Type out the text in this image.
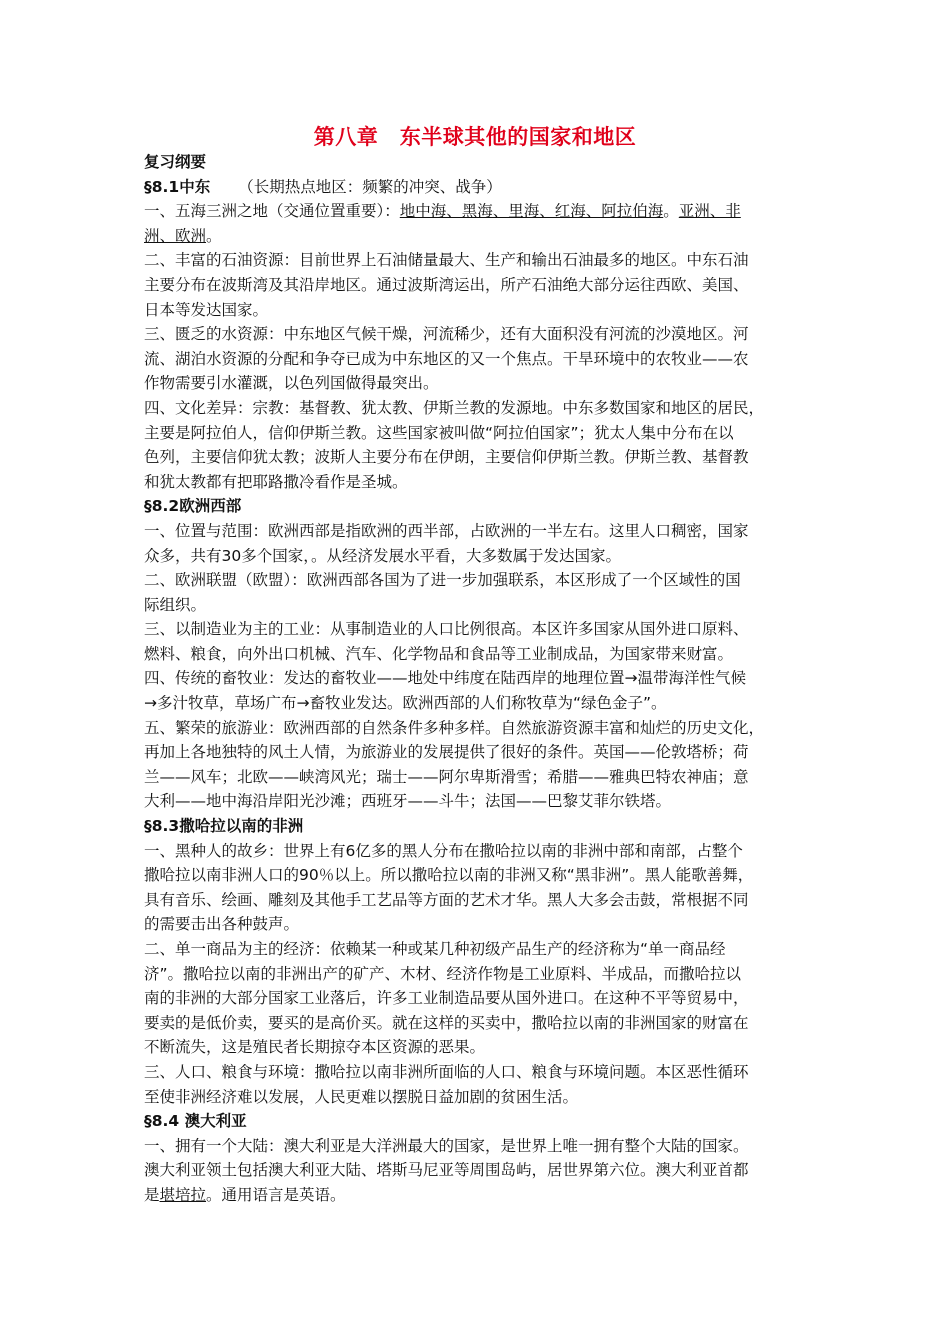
第八章　东半球其他的国家和地区
复习纲要
§8.1中东 （长期热点地区：频繁的冲突、战争）
一、五海三洲之地（交通位置重要）：地中海、黑海、里海、红海、阿拉伯海。亚洲、非
洲、欧洲。
二、丰富的石油资源：目前世界上石油储量最大、生产和输出石油最多的地区。中东石油
主要分布在波斯湾及其沿岸地区。通过波斯湾运出，所产石油绝大部分运往西欧、美国、
日本等发达国家。
三、匮乏的水资源：中东地区气候干燥，河流稀少，还有大面积没有河流的沙漠地区。河
流、湖泊水资源的分配和争夺已成为中东地区的又一个焦点。干旱环境中的农牧业——农
作物需要引水灌溉，以色列国做得最突出。
四、文化差异：宗教：基督教、犹太教、伊斯兰教的发源地。中东多数国家和地区的居民，
主要是阿拉伯人，信仰伊斯兰教。这些国家被叫做“阿拉伯国家”；犹太人集中分布在以
色列，主要信仰犹太教；波斯人主要分布在伊朗，主要信仰伊斯兰教。伊斯兰教、基督教
和犹太教都有把耶路撒冷看作是圣城。
§8.2欧洲西部
一、位置与范围：欧洲西部是指欧洲的西半部，占欧洲的一半左右。这里人口稠密，国家
众多，共有30多个国家，。从经济发展水平看，大多数属于发达国家。
二、欧洲联盟（欧盟）：欧洲西部各国为了进一步加强联系，本区形成了一个区域性的国
际组织。
三、以制造业为主的工业：从事制造业的人口比例很高。本区许多国家从国外进口原料、
燃料、粮食，向外出口机械、汽车、化学物品和食品等工业制成品，为国家带来财富。
四、传统的畜牧业：发达的畜牧业——地处中纬度在陆西岸的地理位置→温带海洋性气候
→多汁牧草，草场广布→畜牧业发达。欧洲西部的人们称牧草为“绿色金子”。
五、繁荣的旅游业：欧洲西部的自然条件多种多样。自然旅游资源丰富和灿烂的历史文化，
再加上各地独特的风土人情，为旅游业的发展提供了很好的条件。英国——伦敦塔桥；荷
兰——风车；北欧——峡湾风光；瑞士——阿尔卑斯滑雪；希腊——雅典巴特农神庙；意
大利——地中海沿岸阳光沙滩；西班牙——斗牛；法国——巴黎艾菲尔铁塔。
§8.3撒哈拉以南的非洲
一、黑种人的故乡：世界上有6亿多的黑人分布在撒哈拉以南的非洲中部和南部，占整个
撒哈拉以南非洲人口的90％以上。所以撒哈拉以南的非洲又称“黑非洲”。黑人能歌善舞，
具有音乐、绘画、雕刻及其他手工艺品等方面的艺术才华。黑人大多会击鼓，常根据不同
的需要击出各种鼓声。
二、单一商品为主的经济：依赖某一种或某几种初级产品生产的经济称为“单一商品经
济”。撒哈拉以南的非洲出产的矿产、木材、经济作物是工业原料、半成品，而撒哈拉以
南的非洲的大部分国家工业落后，许多工业制造品要从国外进口。在这种不平等贸易中，
要卖的是低价卖，要买的是高价买。就在这样的买卖中，撒哈拉以南的非洲国家的财富在
不断流失，这是殖民者长期掠夺本区资源的恶果。
三、人口、粮食与环境：撒哈拉以南非洲所面临的人口、粮食与环境问题。本区恶性循环
至使非洲经济难以发展，人民更难以摆脱日益加剧的贫困生活。
§8.4 澳大利亚
一、拥有一个大陆：澳大利亚是大洋洲最大的国家，是世界上唯一拥有整个大陆的国家。
澳大利亚领土包括澳大利亚大陆、塔斯马尼亚等周围岛屿，居世界第六位。澳大利亚首都
是堪培拉。通用语言是英语。
